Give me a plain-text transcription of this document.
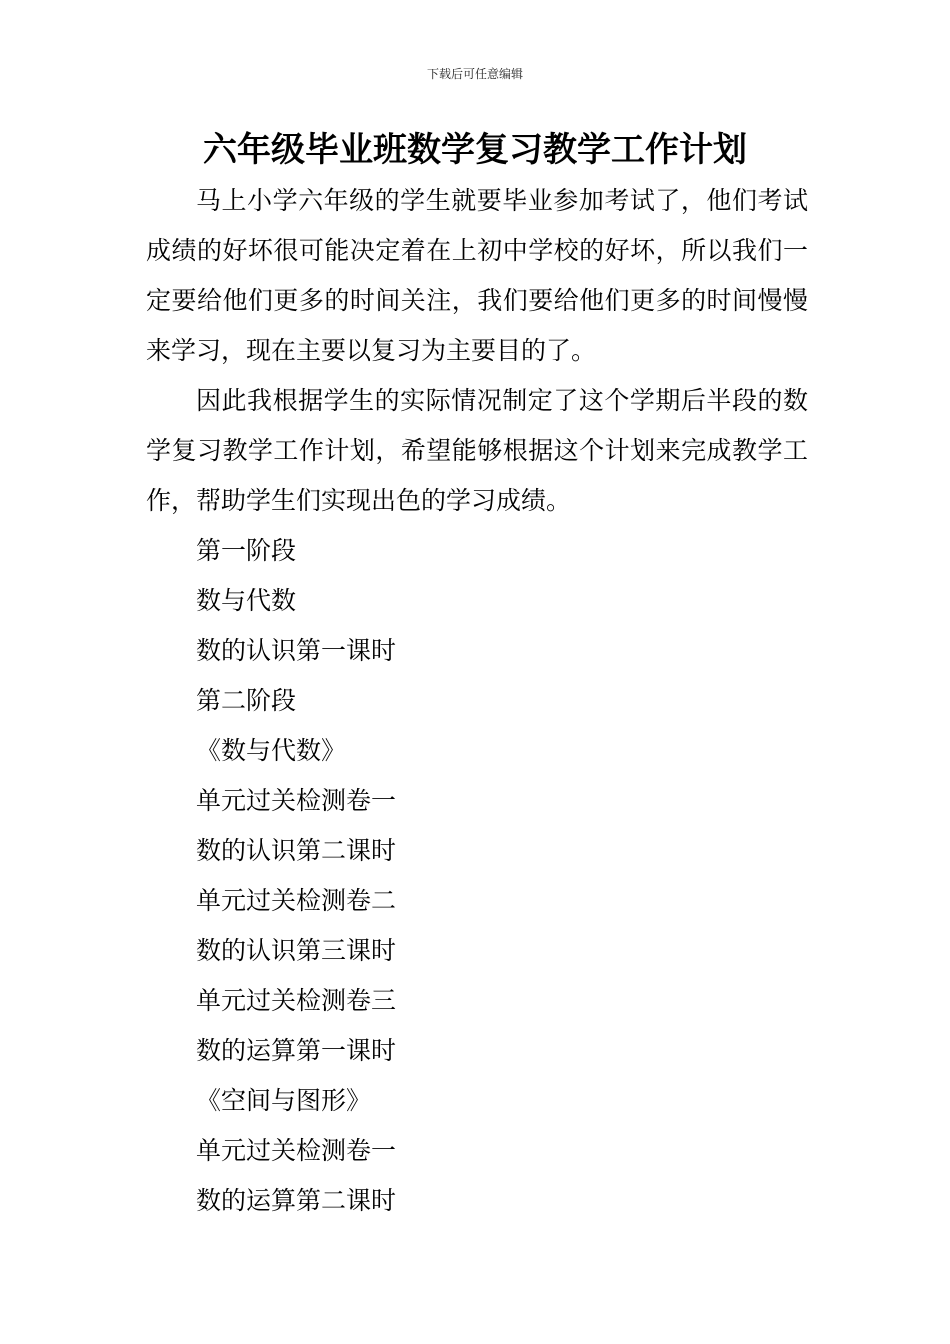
下载后可任意编辑
六年级毕业班数学复习教学工作计划

马上小学六年级的学生就要毕业参加考试了，他们考试成绩的好坏很可能决定着在上初中学校的好坏，所以我们一定要给他们更多的时间关注，我们要给他们更多的时间慢慢来学习，现在主要以复习为主要目的了。

因此我根据学生的实际情况制定了这个学期后半段的数学复习教学工作计划，希望能够根据这个计划来完成教学工作，帮助学生们实现出色的学习成绩。

第一阶段

数与代数

数的认识第一课时

第二阶段

《数与代数》

单元过关检测卷一

数的认识第二课时

单元过关检测卷二

数的认识第三课时

单元过关检测卷三

数的运算第一课时

《空间与图形》

单元过关检测卷一

数的运算第二课时
